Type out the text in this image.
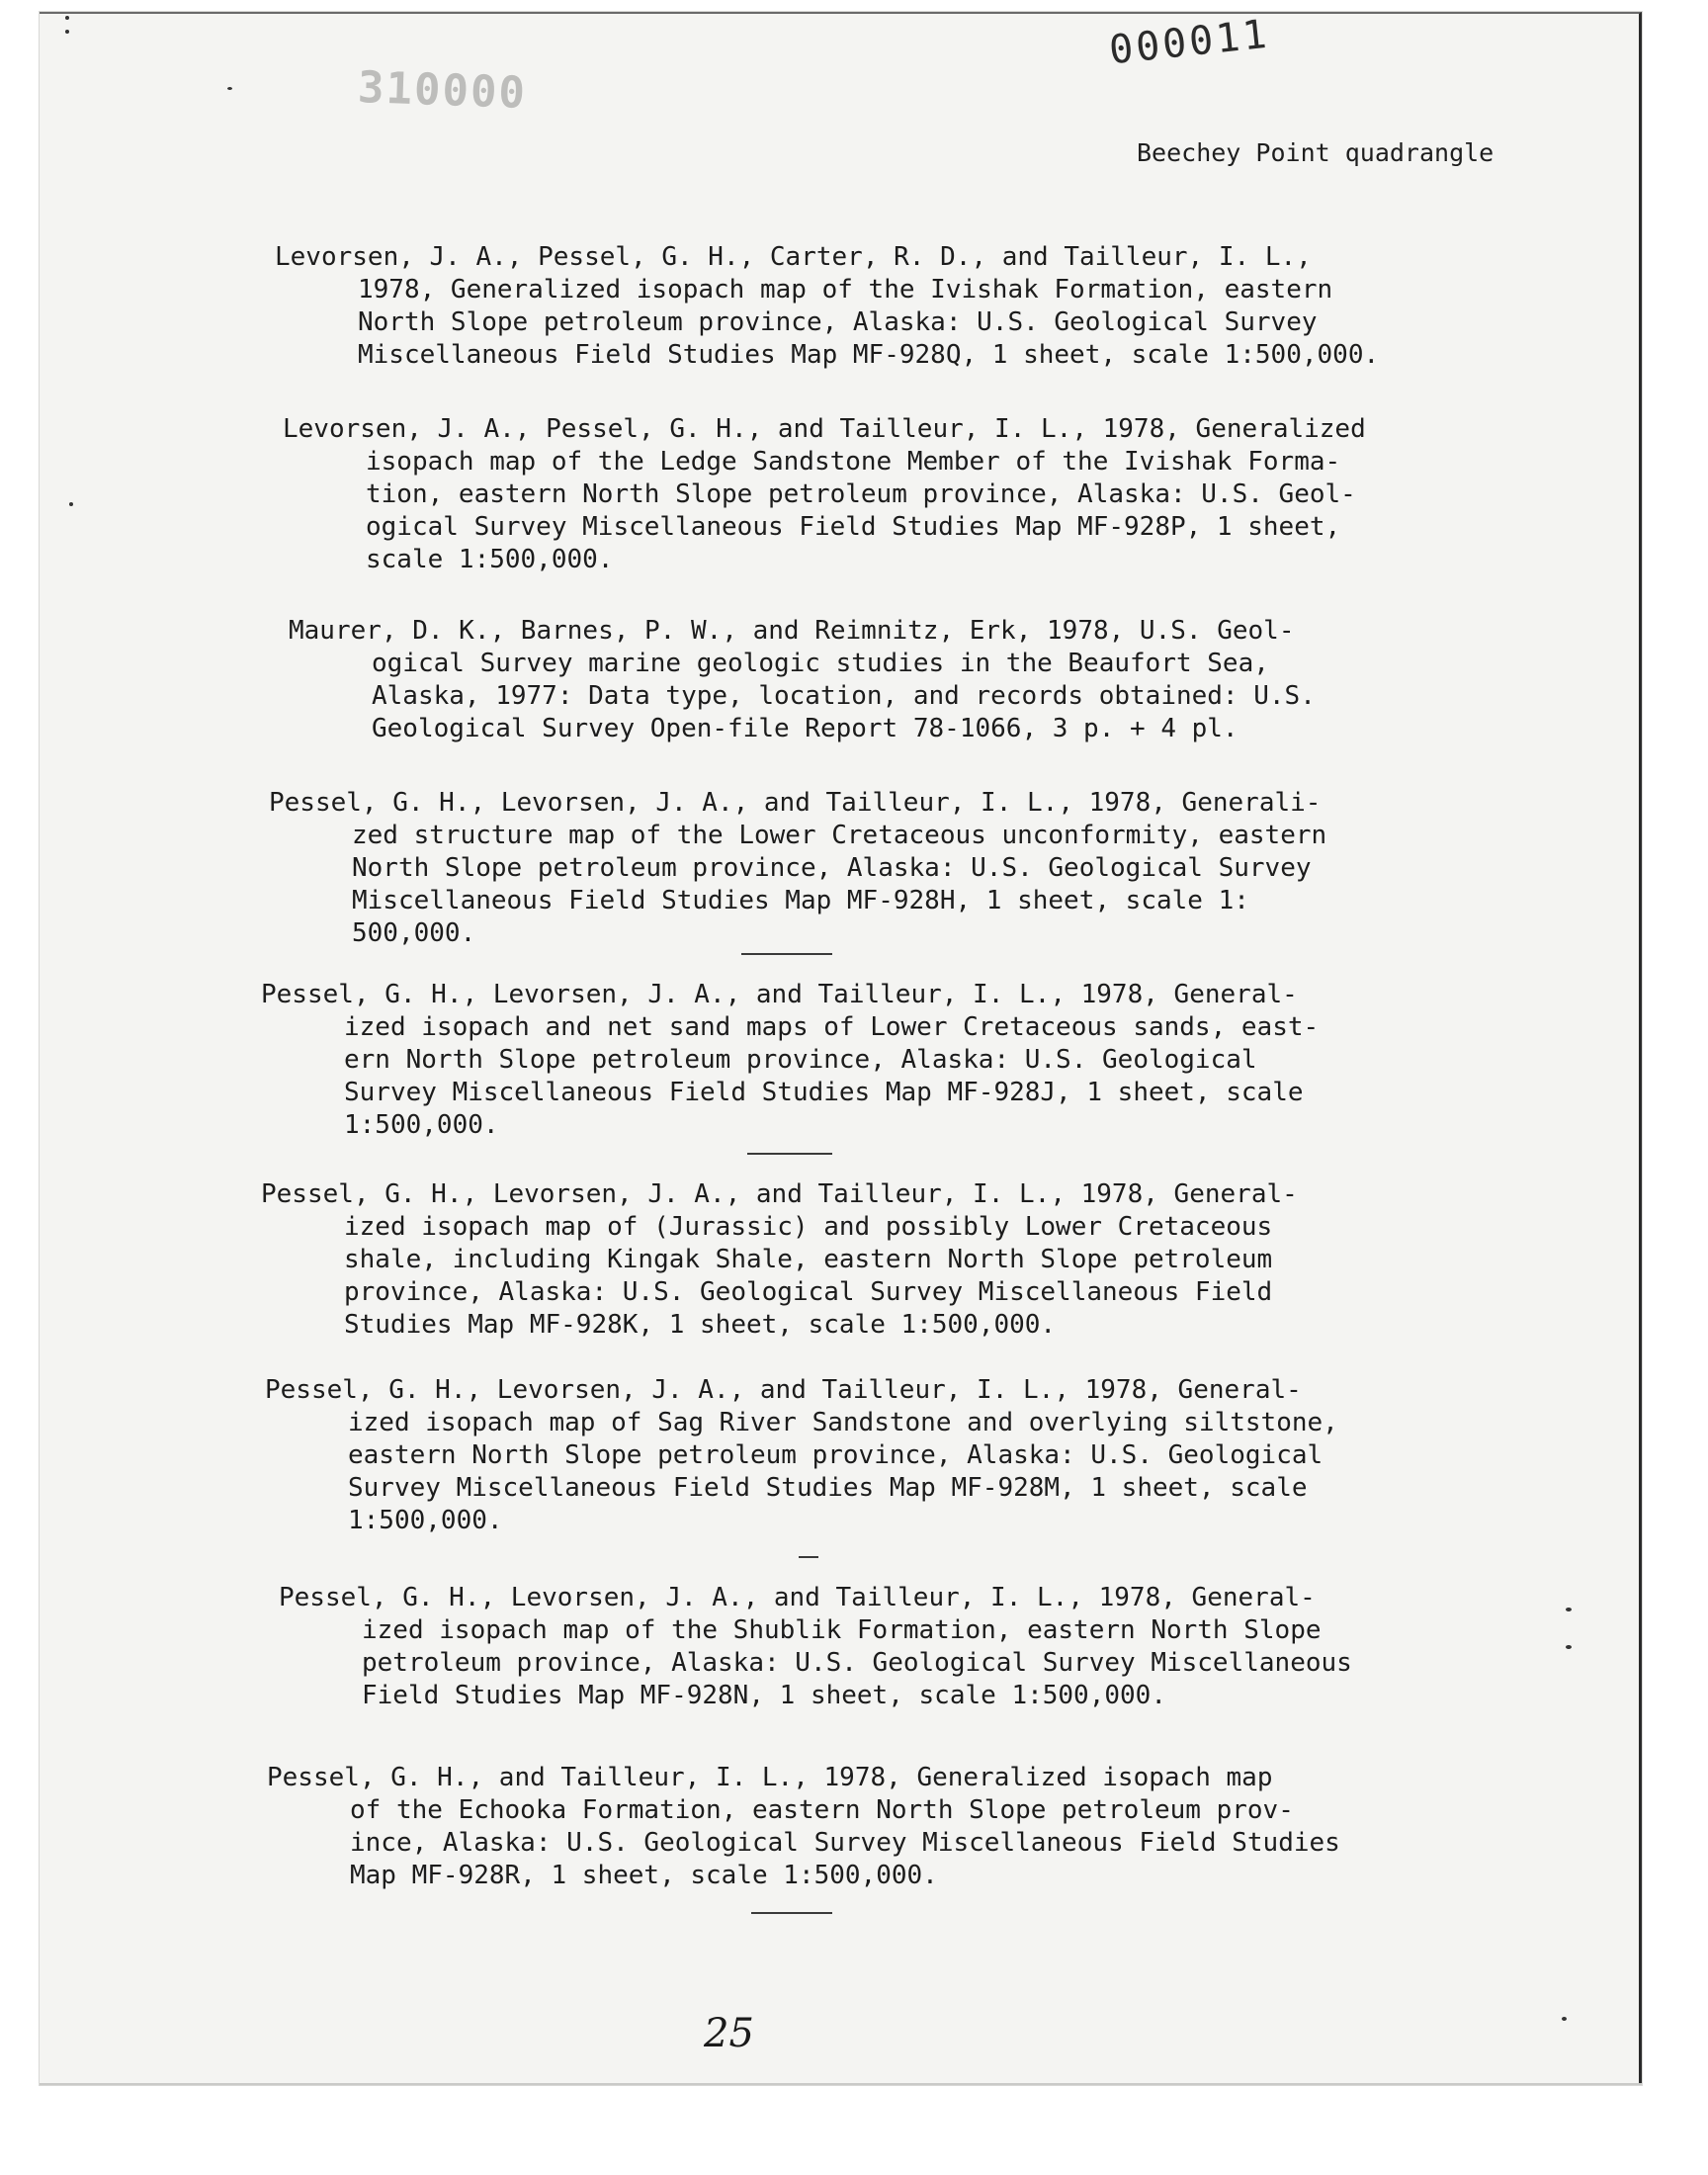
000011
310000
Beechey Point quadrangle
Levorsen, J. A., Pessel, G. H., Carter, R. D., and Tailleur, I. L.,
1978, Generalized isopach map of the Ivishak Formation, eastern
North Slope petroleum province, Alaska: U.S. Geological Survey
Miscellaneous Field Studies Map MF-928Q, 1 sheet, scale 1:500,000.
Levorsen, J. A., Pessel, G. H., and Tailleur, I. L., 1978, Generalized
isopach map of the Ledge Sandstone Member of the Ivishak Forma-
tion, eastern North Slope petroleum province, Alaska: U.S. Geol-
ogical Survey Miscellaneous Field Studies Map MF-928P, 1 sheet,
scale 1:500,000.
Maurer, D. K., Barnes, P. W., and Reimnitz, Erk, 1978, U.S. Geol-
ogical Survey marine geologic studies in the Beaufort Sea,
Alaska, 1977: Data type, location, and records obtained: U.S.
Geological Survey Open-file Report 78-1066, 3 p. + 4 pl.
Pessel, G. H., Levorsen, J. A., and Tailleur, I. L., 1978, Generali-
zed structure map of the Lower Cretaceous unconformity, eastern
North Slope petroleum province, Alaska: U.S. Geological Survey
Miscellaneous Field Studies Map MF-928H, 1 sheet, scale 1:
500,000.
Pessel, G. H., Levorsen, J. A., and Tailleur, I. L., 1978, General-
ized isopach and net sand maps of Lower Cretaceous sands, east-
ern North Slope petroleum province, Alaska: U.S. Geological
Survey Miscellaneous Field Studies Map MF-928J, 1 sheet, scale
1:500,000.
Pessel, G. H., Levorsen, J. A., and Tailleur, I. L., 1978, General-
ized isopach map of (Jurassic) and possibly Lower Cretaceous
shale, including Kingak Shale, eastern North Slope petroleum
province, Alaska: U.S. Geological Survey Miscellaneous Field
Studies Map MF-928K, 1 sheet, scale 1:500,000.
Pessel, G. H., Levorsen, J. A., and Tailleur, I. L., 1978, General-
ized isopach map of Sag River Sandstone and overlying siltstone,
eastern North Slope petroleum province, Alaska: U.S. Geological
Survey Miscellaneous Field Studies Map MF-928M, 1 sheet, scale
1:500,000.
Pessel, G. H., Levorsen, J. A., and Tailleur, I. L., 1978, General-
ized isopach map of the Shublik Formation, eastern North Slope
petroleum province, Alaska: U.S. Geological Survey Miscellaneous
Field Studies Map MF-928N, 1 sheet, scale 1:500,000.
Pessel, G. H., and Tailleur, I. L., 1978, Generalized isopach map
of the Echooka Formation, eastern North Slope petroleum prov-
ince, Alaska: U.S. Geological Survey Miscellaneous Field Studies
Map MF-928R, 1 sheet, scale 1:500,000.
25
